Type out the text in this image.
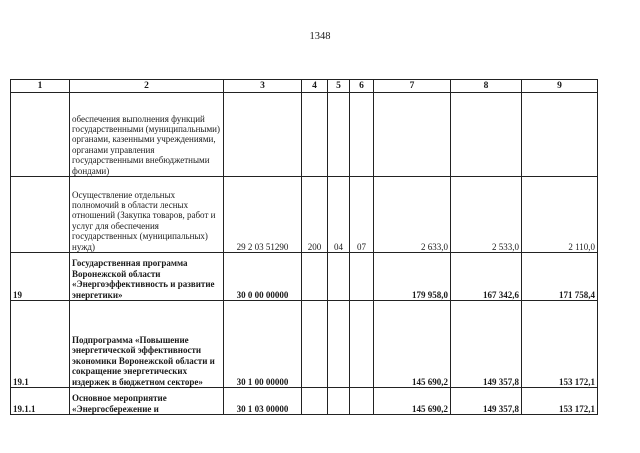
1348
1	2	3	4	5	6	7	8	9
	обеспечения выполнения функций государственными (муниципальными) органами, казенными учреждениями, органами управления государственными внебюджетными фондами)							
	Осуществление отдельных полномочий в области лесных отношений (Закупка товаров, работ и услуг для обеспечения государственных (муниципальных) нужд)	29 2 03 51290	200	04	07	2 633,0	2 533,0	2 110,0
19	Государственная программа Воронежской области «Энергоэффективность и развитие энергетики»	30 0 00 00000				179 958,0	167 342,6	171 758,4
19.1	Подпрограмма «Повышение энергетической эффективности экономики Воронежской области и сокращение энергетических издержек в бюджетном секторе»	30 1 00 00000				145 690,2	149 357,8	153 172,1
19.1.1	Основное мероприятие «Энергосбережение и	30 1 03 00000				145 690,2	149 357,8	153 172,1
